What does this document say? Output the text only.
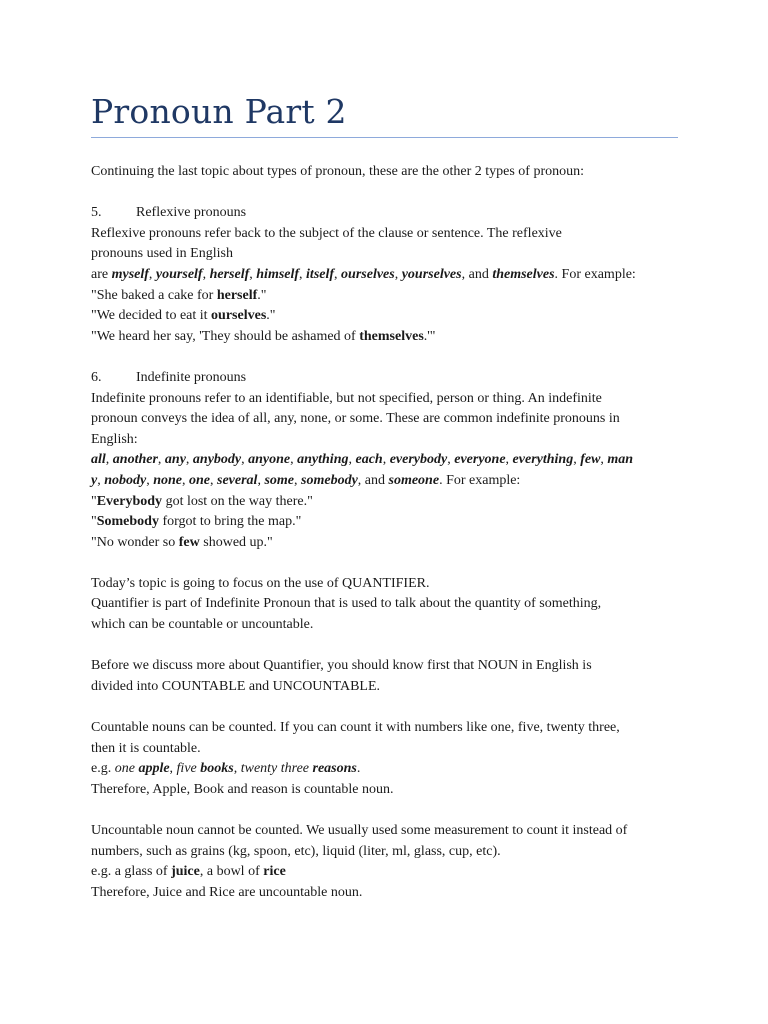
Pronoun Part 2

Continuing the last topic about types of pronoun, these are the other 2 types of pronoun:

5. Reflexive pronouns

Reflexive pronouns refer back to the subject of the clause or sentence. The reflexive

pronouns used in English

are myself, yourself, herself, himself, itself, ourselves, yourselves, and themselves. For example:

"She baked a cake for herself."

"We decided to eat it ourselves."

"We heard her say, 'They should be ashamed of themselves.'"

6. Indefinite pronouns

Indefinite pronouns refer to an identifiable, but not specified, person or thing. An indefinite

pronoun conveys the idea of all, any, none, or some. These are common indefinite pronouns in

English:

all, another, any, anybody, anyone, anything, each, everybody, everyone, everything, few, man

y, nobody, none, one, several, some, somebody, and someone. For example:

"Everybody got lost on the way there."

"Somebody forgot to bring the map."

"No wonder so few showed up."

Today’s topic is going to focus on the use of QUANTIFIER.

Quantifier is part of Indefinite Pronoun that is used to talk about the quantity of something,

which can be countable or uncountable.

Before we discuss more about Quantifier, you should know first that NOUN in English is

divided into COUNTABLE and UNCOUNTABLE.

Countable nouns can be counted. If you can count it with numbers like one, five, twenty three,

then it is countable.

e.g. one apple, five books, twenty three reasons.

Therefore, Apple, Book and reason is countable noun.

Uncountable noun cannot be counted. We usually used some measurement to count it instead of

numbers, such as grains (kg, spoon, etc), liquid (liter, ml, glass, cup, etc).

e.g. a glass of juice, a bowl of rice

Therefore, Juice and Rice are uncountable noun.
